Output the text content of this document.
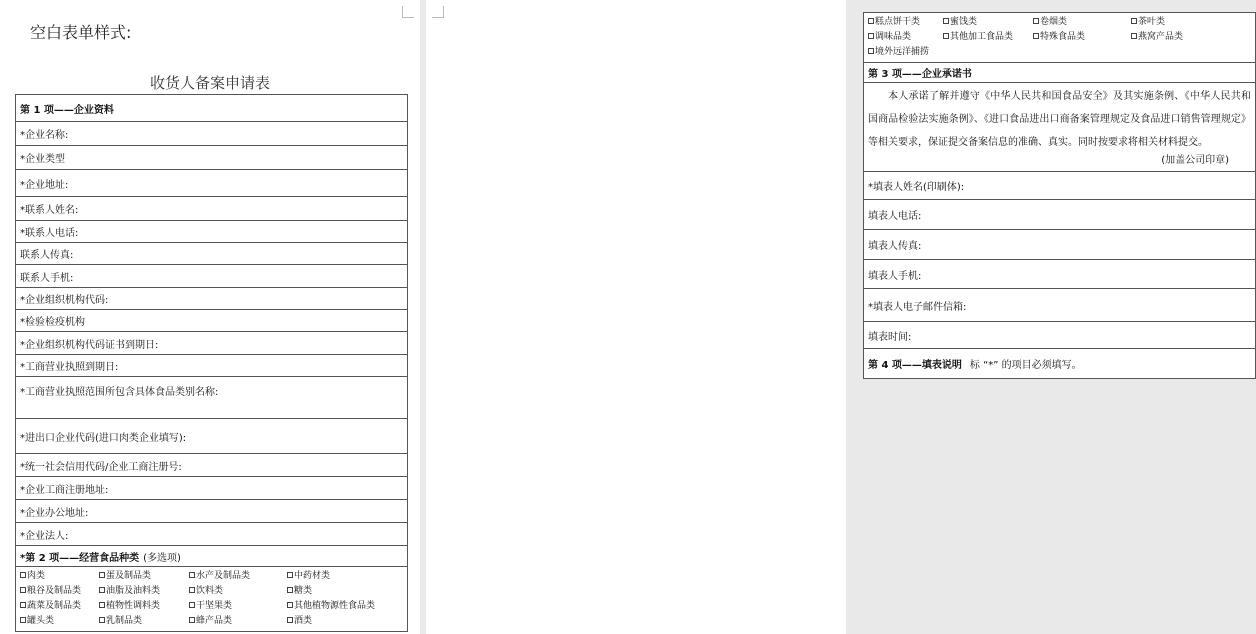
空白表单样式:
收货人备案申请表
第 1 项——企业资料
*企业名称:
*企业类型
*企业地址:
*联系人姓名:
*联系人电话:
联系人传真:
联系人手机:
*企业组织机构代码:
*检验检疫机构
*企业组织机构代码证书到期日:
*工商营业执照到期日:
*工商营业执照范围所包含具体食品类别名称:
*进出口企业代码(进口肉类企业填写):
*统一社会信用代码/企业工商注册号:
*企业工商注册地址:
*企业办公地址:
*企业法人:
*第 2 项——经营食品种类 (多选项)
肉类	蛋及制品类	水产及制品类	中药材类
粮谷及制品类	油脂及油料类	饮料类	糖类
蔬菜及制品类	植物性调料类	干坚果类	其他植物源性食品类
罐头类	乳制品类	蜂产品类	酒类
糕点饼干类	蜜饯类	卷烟类	茶叶类
调味品类	其他加工食品类	特殊食品类	燕窝产品类
境外远洋捕捞
第 3 项——企业承诺书
本人承诺了解并遵守《中华人民共和国食品安全》及其实施条例、《中华人民共和国商品检验法实施条例》、《进口食品进出口商备案管理规定及食品进口销售管理规定》等相关要求，保证提交备案信息的准确、真实。同时按要求将相关材料提交。
(加盖公司印章)
*填表人姓名(印刷体):
填表人电话:
填表人传真:
填表人手机:
*填表人电子邮件信箱:
填表时间:
第 4 项——填表说明 标 “*” 的项目必须填写。
